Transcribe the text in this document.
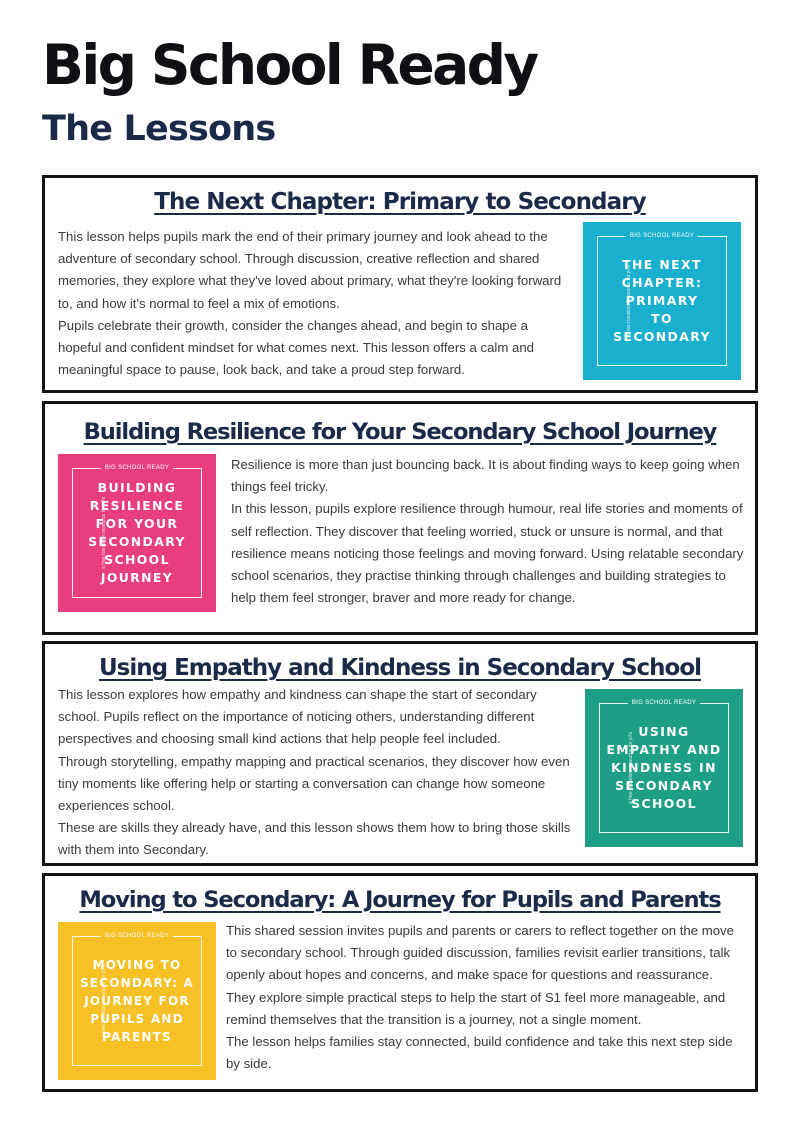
Big School Ready
The Lessons
The Next Chapter: Primary to Secondary

This lesson helps pupils mark the end of their primary journey and look ahead to the adventure of secondary school. Through discussion, creative reflection and shared memories, they explore what they've loved about primary, what they're looking forward to, and how it's normal to feel a mix of emotions.

Pupils celebrate their growth, consider the changes ahead, and begin to shape a hopeful and confident mindset for what comes next. This lesson offers a calm and meaningful space to pause, look back, and take a proud step forward.

BIG SCHOOL READY
a free transition resource for p7s
THE NEXT CHAPTER: PRIMARY TO SECONDARY
Building Resilience for Your Secondary School Journey
BIG SCHOOL READY
a free transition resource for p7s
BUILDING RESILIENCE FOR YOUR SECONDARY SCHOOL JOURNEY

Resilience is more than just bouncing back. It is about finding ways to keep going when things feel tricky.

In this lesson, pupils explore resilience through humour, real life stories and moments of self reflection. They discover that feeling worried, stuck or unsure is normal, and that resilience means noticing those feelings and moving forward. Using relatable secondary school scenarios, they practise thinking through challenges and building strategies to help them feel stronger, braver and more ready for change.

Using Empathy and Kindness in Secondary School

This lesson explores how empathy and kindness can shape the start of secondary school. Pupils reflect on the importance of noticing others, understanding different perspectives and choosing small kind actions that help people feel included.

Through storytelling, empathy mapping and practical scenarios, they discover how even tiny moments like offering help or starting a conversation can change how someone experiences school.

These are skills they already have, and this lesson shows them how to bring those skills with them into Secondary.

BIG SCHOOL READY
a free transition resource for p7s
USING EMPATHY AND KINDNESS IN SECONDARY SCHOOL
Moving to Secondary: A Journey for Pupils and Parents
BIG SCHOOL READY
a free transition resource for p7s
MOVING TO SECONDARY: A JOURNEY FOR PUPILS AND PARENTS

This shared session invites pupils and parents or carers to reflect together on the move to secondary school. Through guided discussion, families revisit earlier transitions, talk openly about hopes and concerns, and make space for questions and reassurance.

They explore simple practical steps to help the start of S1 feel more manageable, and remind themselves that the transition is a journey, not a single moment.

The lesson helps families stay connected, build confidence and take this next step side by side.
